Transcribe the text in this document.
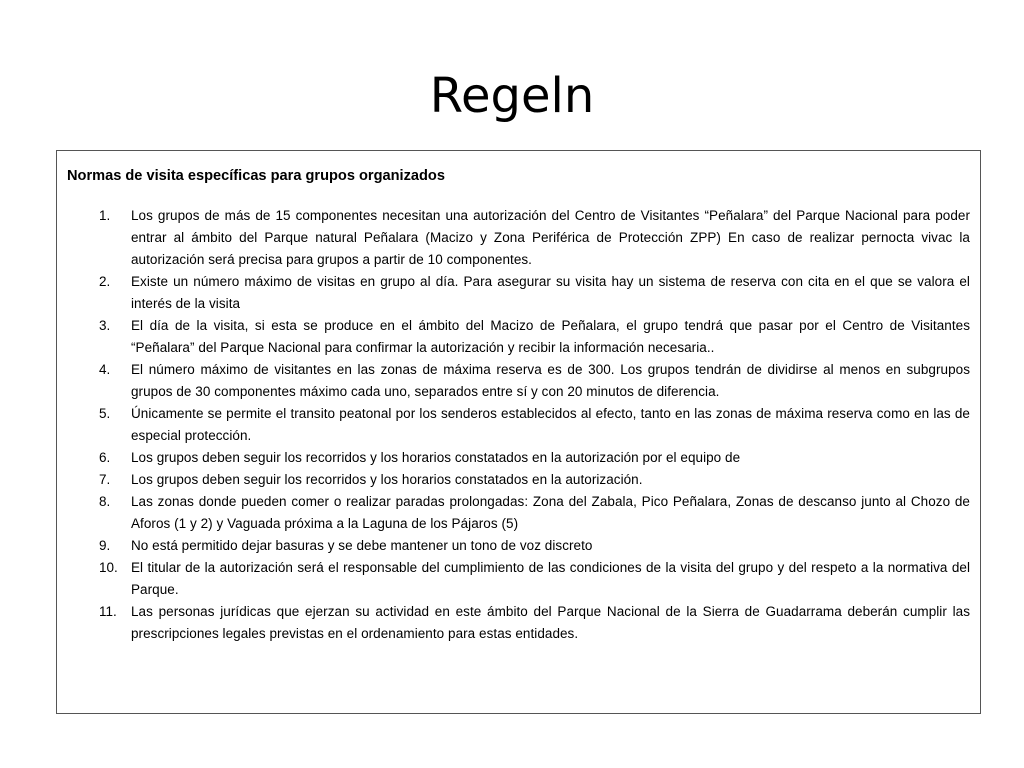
Regeln

Normas de visita específicas para grupos organizados

1.	Los grupos de más de 15 componentes necesitan una autorización del Centro de Visitantes “Peñalara” del Parque Nacional para poder entrar al ámbito del Parque natural Peñalara (Macizo y Zona Periférica de Protección ZPP) En caso de realizar pernocta vivac la autorización será precisa para grupos a partir de 10 componentes.
2.	Existe un número máximo de visitas en grupo al día. Para asegurar su visita hay un sistema de reserva con cita en el que se valora el interés de la visita
3.	El día de la visita, si esta se produce en el ámbito del Macizo de Peñalara, el grupo tendrá que pasar por el Centro de Visitantes “Peñalara” del Parque Nacional para confirmar la autorización y recibir la información necesaria..
4.	El número máximo de visitantes en las zonas de máxima reserva es de 300. Los grupos tendrán de dividirse al menos en subgrupos grupos de 30 componentes máximo cada uno, separados entre sí y con 20 minutos de diferencia.
5.	Únicamente se permite el transito peatonal por los senderos establecidos al efecto, tanto en las zonas de máxima reserva como en las de especial protección.
6.	Los grupos deben seguir los recorridos y los horarios constatados en la autorización por el equipo de
7.	Los grupos deben seguir los recorridos y los horarios constatados en la autorización.
8.	Las zonas donde pueden comer o realizar paradas prolongadas: Zona del Zabala, Pico Peñalara, Zonas de descanso junto al Chozo de Aforos (1 y 2) y Vaguada próxima a la Laguna de los Pájaros (5)
9.	No está permitido dejar basuras y se debe mantener un tono de voz discreto
10. El titular de la autorización será el responsable del cumplimiento de las condiciones de la visita del grupo y del respeto a la normativa del Parque.
11.	Las personas jurídicas que ejerzan su actividad en este ámbito del Parque Nacional de la Sierra de Guadarrama deberán cumplir las prescripciones legales previstas en el ordenamiento para estas entidades.
